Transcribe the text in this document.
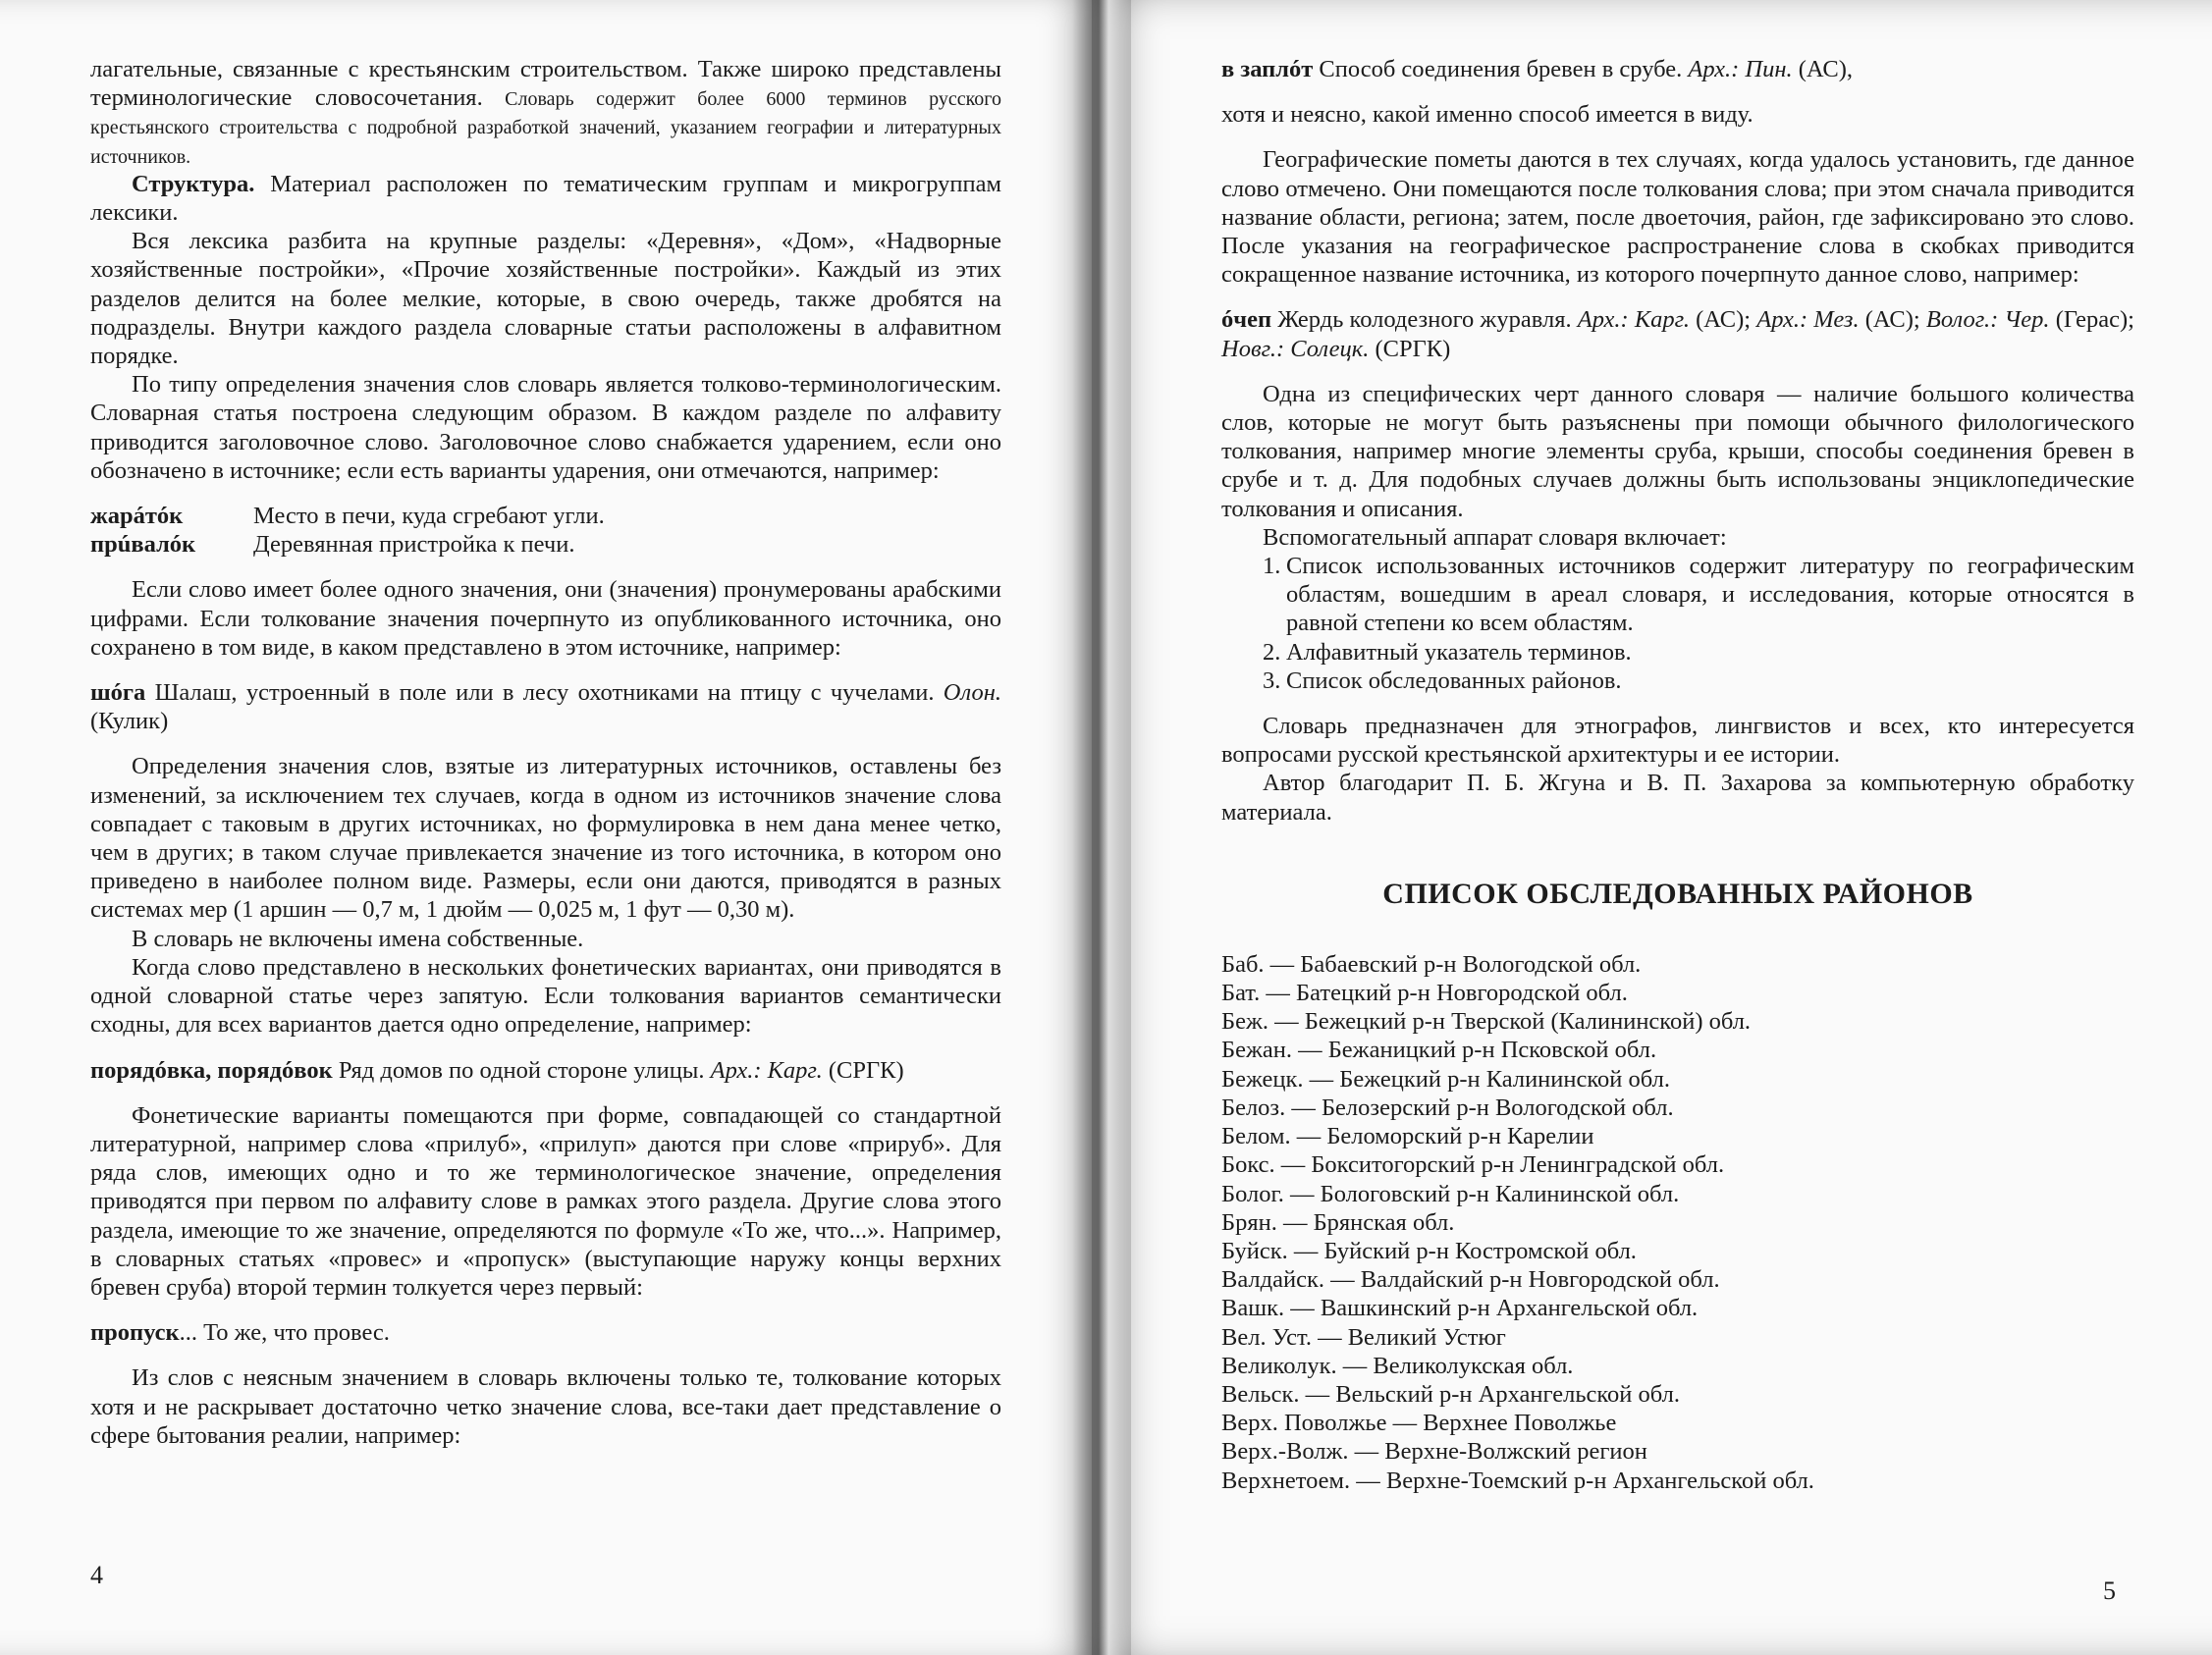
лагательные, связанные с крестьянским строительством. Также широко представлены терминологические словосочетания. Словарь содержит более 6000 терминов русского крестьянского строительства с подробной разработкой значений, указанием географии и литературных источников.

Структура. Материал расположен по тематическим группам и микрогруппам лексики.

Вся лексика разбита на крупные разделы: «Деревня», «Дом», «Надворные хозяйственные постройки», «Прочие хозяйственные постройки». Каждый из этих разделов делится на более мелкие, которые, в свою очередь, также дробятся на подразделы. Внутри каждого раздела словарные статьи расположены в алфавитном порядке.

По типу определения значения слов словарь является толково-терминологическим. Словарная статья построена следующим образом. В каждом разделе по алфавиту приводится заголовочное слово. Заголовочное слово снабжается ударением, если оно обозначено в источнике; если есть варианты ударения, они отмечаются, например:

жарáтóк	Место в печи, куда сгребают угли.
прúвалóк	Деревянная пристройка к печи.

Если слово имеет более одного значения, они (значения) пронумерованы арабскими цифрами. Если толкование значения почерпнуто из опубликованного источника, оно сохранено в том виде, в каком представлено в этом источнике, например:

шóга Шалаш, устроенный в поле или в лесу охотниками на птицу с чучелами. Олон. (Кулик)

Определения значения слов, взятые из литературных источников, оставлены без изменений, за исключением тех случаев, когда в одном из источников значение слова совпадает с таковым в других источниках, но формулировка в нем дана менее четко, чем в других; в таком случае привлекается значение из того источника, в котором оно приведено в наиболее полном виде. Размеры, если они даются, приводятся в разных системах мер (1 аршин — 0,7 м, 1 дюйм — 0,025 м, 1 фут — 0,30 м).

В словарь не включены имена собственные.

Когда слово представлено в нескольких фонетических вариантах, они приводятся в одной словарной статье через запятую. Если толкования вариантов семантически сходны, для всех вариантов дается одно определение, например:

порядóвка, порядóвок Ряд домов по одной стороне улицы. Арх.: Карг. (СРГК)

Фонетические варианты помещаются при форме, совпадающей со стандартной литературной, например слова «прилуб», «прилуп» даются при слове «прируб». Для ряда слов, имеющих одно и то же терминологическое значение, определения приводятся при первом по алфавиту слове в рамках этого раздела. Другие слова этого раздела, имеющие то же значение, определяются по формуле «То же, что...». Например, в словарных статьях «провес» и «пропуск» (выступающие наружу концы верхних бревен сруба) второй термин толкуется через первый:

пропуск... То же, что провес.

Из слов с неясным значением в словарь включены только те, толкование которых хотя и не раскрывает достаточно четко значение слова, все-таки дает представление о сфере бытования реалии, например:

4

в заплóт Способ соединения бревен в срубе. Арх.: Пин. (АС),

хотя и неясно, какой именно способ имеется в виду.

Географические пометы даются в тех случаях, когда удалось установить, где данное слово отмечено. Они помещаются после толкования слова; при этом сначала приводится название области, региона; затем, после двоеточия, район, где зафиксировано это слово. После указания на географическое распространение слова в скобках приводится сокращенное название источника, из которого почерпнуто данное слово, например:

óчеп Жердь колодезного журавля. Арх.: Карг. (АС); Арх.: Мез. (АС); Волог.: Чер. (Герас); Новг.: Солецк. (СРГК)

Одна из специфических черт данного словаря — наличие большого количества слов, которые не могут быть разъяснены при помощи обычного филологического толкования, например многие элементы сруба, крыши, способы соединения бревен в срубе и т. д. Для подобных случаев должны быть использованы энциклопедические толкования и описания.

Вспомогательный аппарат словаря включает:

1. Список использованных источников содержит литературу по географическим областям, вошедшим в ареал словаря, и исследования, которые относятся в равной степени ко всем областям.
2. Алфавитный указатель терминов.
3. Список обследованных районов.

Словарь предназначен для этнографов, лингвистов и всех, кто интересуется вопросами русской крестьянской архитектуры и ее истории.

Автор благодарит П. Б. Жгуна и В. П. Захарова за компьютерную обработку материала.

СПИСОК ОБСЛЕДОВАННЫХ РАЙОНОВ
Баб. — Бабаевский р-н Вологодской обл.
Бат. — Батецкий р-н Новгородской обл.
Беж. — Бежецкий р-н Тверской (Калининской) обл.
Бежан. — Бежаницкий р-н Псковской обл.
Бежецк. — Бежецкий р-н Калининской обл.
Белоз. — Белозерский р-н Вологодской обл.
Белом. — Беломорский р-н Карелии
Бокс. — Бокситогорский р-н Ленинградской обл.
Болог. — Бологовский р-н Калининской обл.
Брян. — Брянская обл.
Буйск. — Буйский р-н Костромской обл.
Валдайск. — Валдайский р-н Новгородской обл.
Вашк. — Вашкинский р-н Архангельской обл.
Вел. Уст. — Великий Устюг
Великолук. — Великолукская обл.
Вельск. — Вельский р-н Архангельской обл.
Верх. Поволжье — Верхнее Поволжье
Верх.-Волж. — Верхне-Волжский регион
Верхнетоем. — Верхне-Тоемский р-н Архангельской обл.
5
